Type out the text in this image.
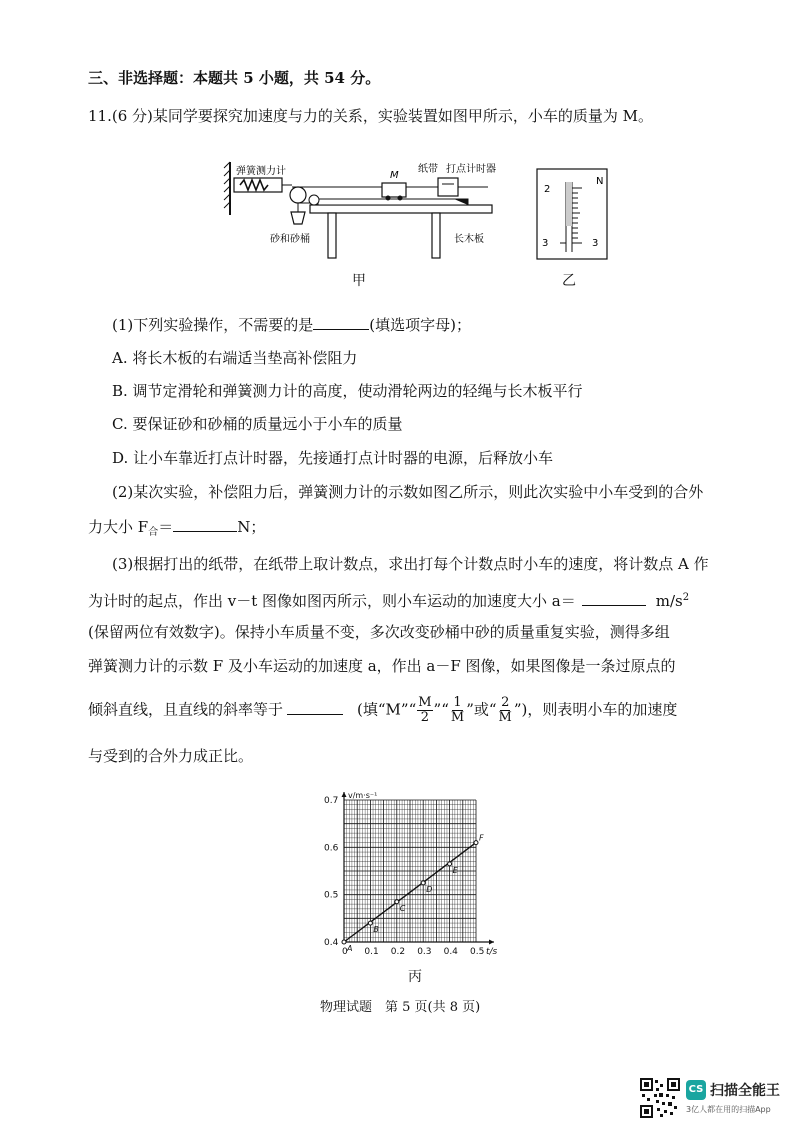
三、非选择题：本题共 5 小题，共 54 分。
11.(6 分)某同学要探究加速度与力的关系，实验装置如图甲所示，小车的质量为 M。
弹簧测力计
砂和砂桶
M
纸带 打点计时器
长木板
甲
N
2
3	3
乙
(1)下列实验操作，不需要的是	(填选项字母)；
A. 将长木板的右端适当垫高补偿阻力
B. 调节定滑轮和弹簧测力计的高度，使动滑轮两边的轻绳与长木板平行
C. 要保证砂和砂桶的质量远小于小车的质量
D. 让小车靠近打点计时器，先接通打点计时器的电源，后释放小车
(2)某次实验，补偿阻力后，弹簧测力计的示数如图乙所示，则此次实验中小车受到的合外
力大小 $F_合=$	N；
(3)根据打出的纸带，在纸带上取计数点，求出打每个计数点时小车的速度，将计数点 A 作
为计时的起点，作出 v－t 图像如图丙所示，则小车运动的加速度大小 a＝	$m/s^2$
(保留两位有效数字)。保持小车质量不变，多次改变砂桶中砂的质量重复实验，测得多组
弹簧测力计的示数 F 及小车运动的加速度 a，作出 a－F 图像，如果图像是一条过原点的
倾斜直线，且直线的斜率等于	(填“M”“ $\frac{M}{2}$ ”“ $\frac{1}{M}$ ”或“ $\frac{2}{M}$ ”)，则表明小车的加速度
与受到的合外力成正比。
0 0.1 0.2 0.3 0.4 0.5
0.4
0.5
0.6
0.7
t/s
v/m·s⁻¹
A
B
C
D
E
F
丙
物理试题　第 5 页(共 8 页)
CS 扫描全能王
3亿人都在用的扫描App
